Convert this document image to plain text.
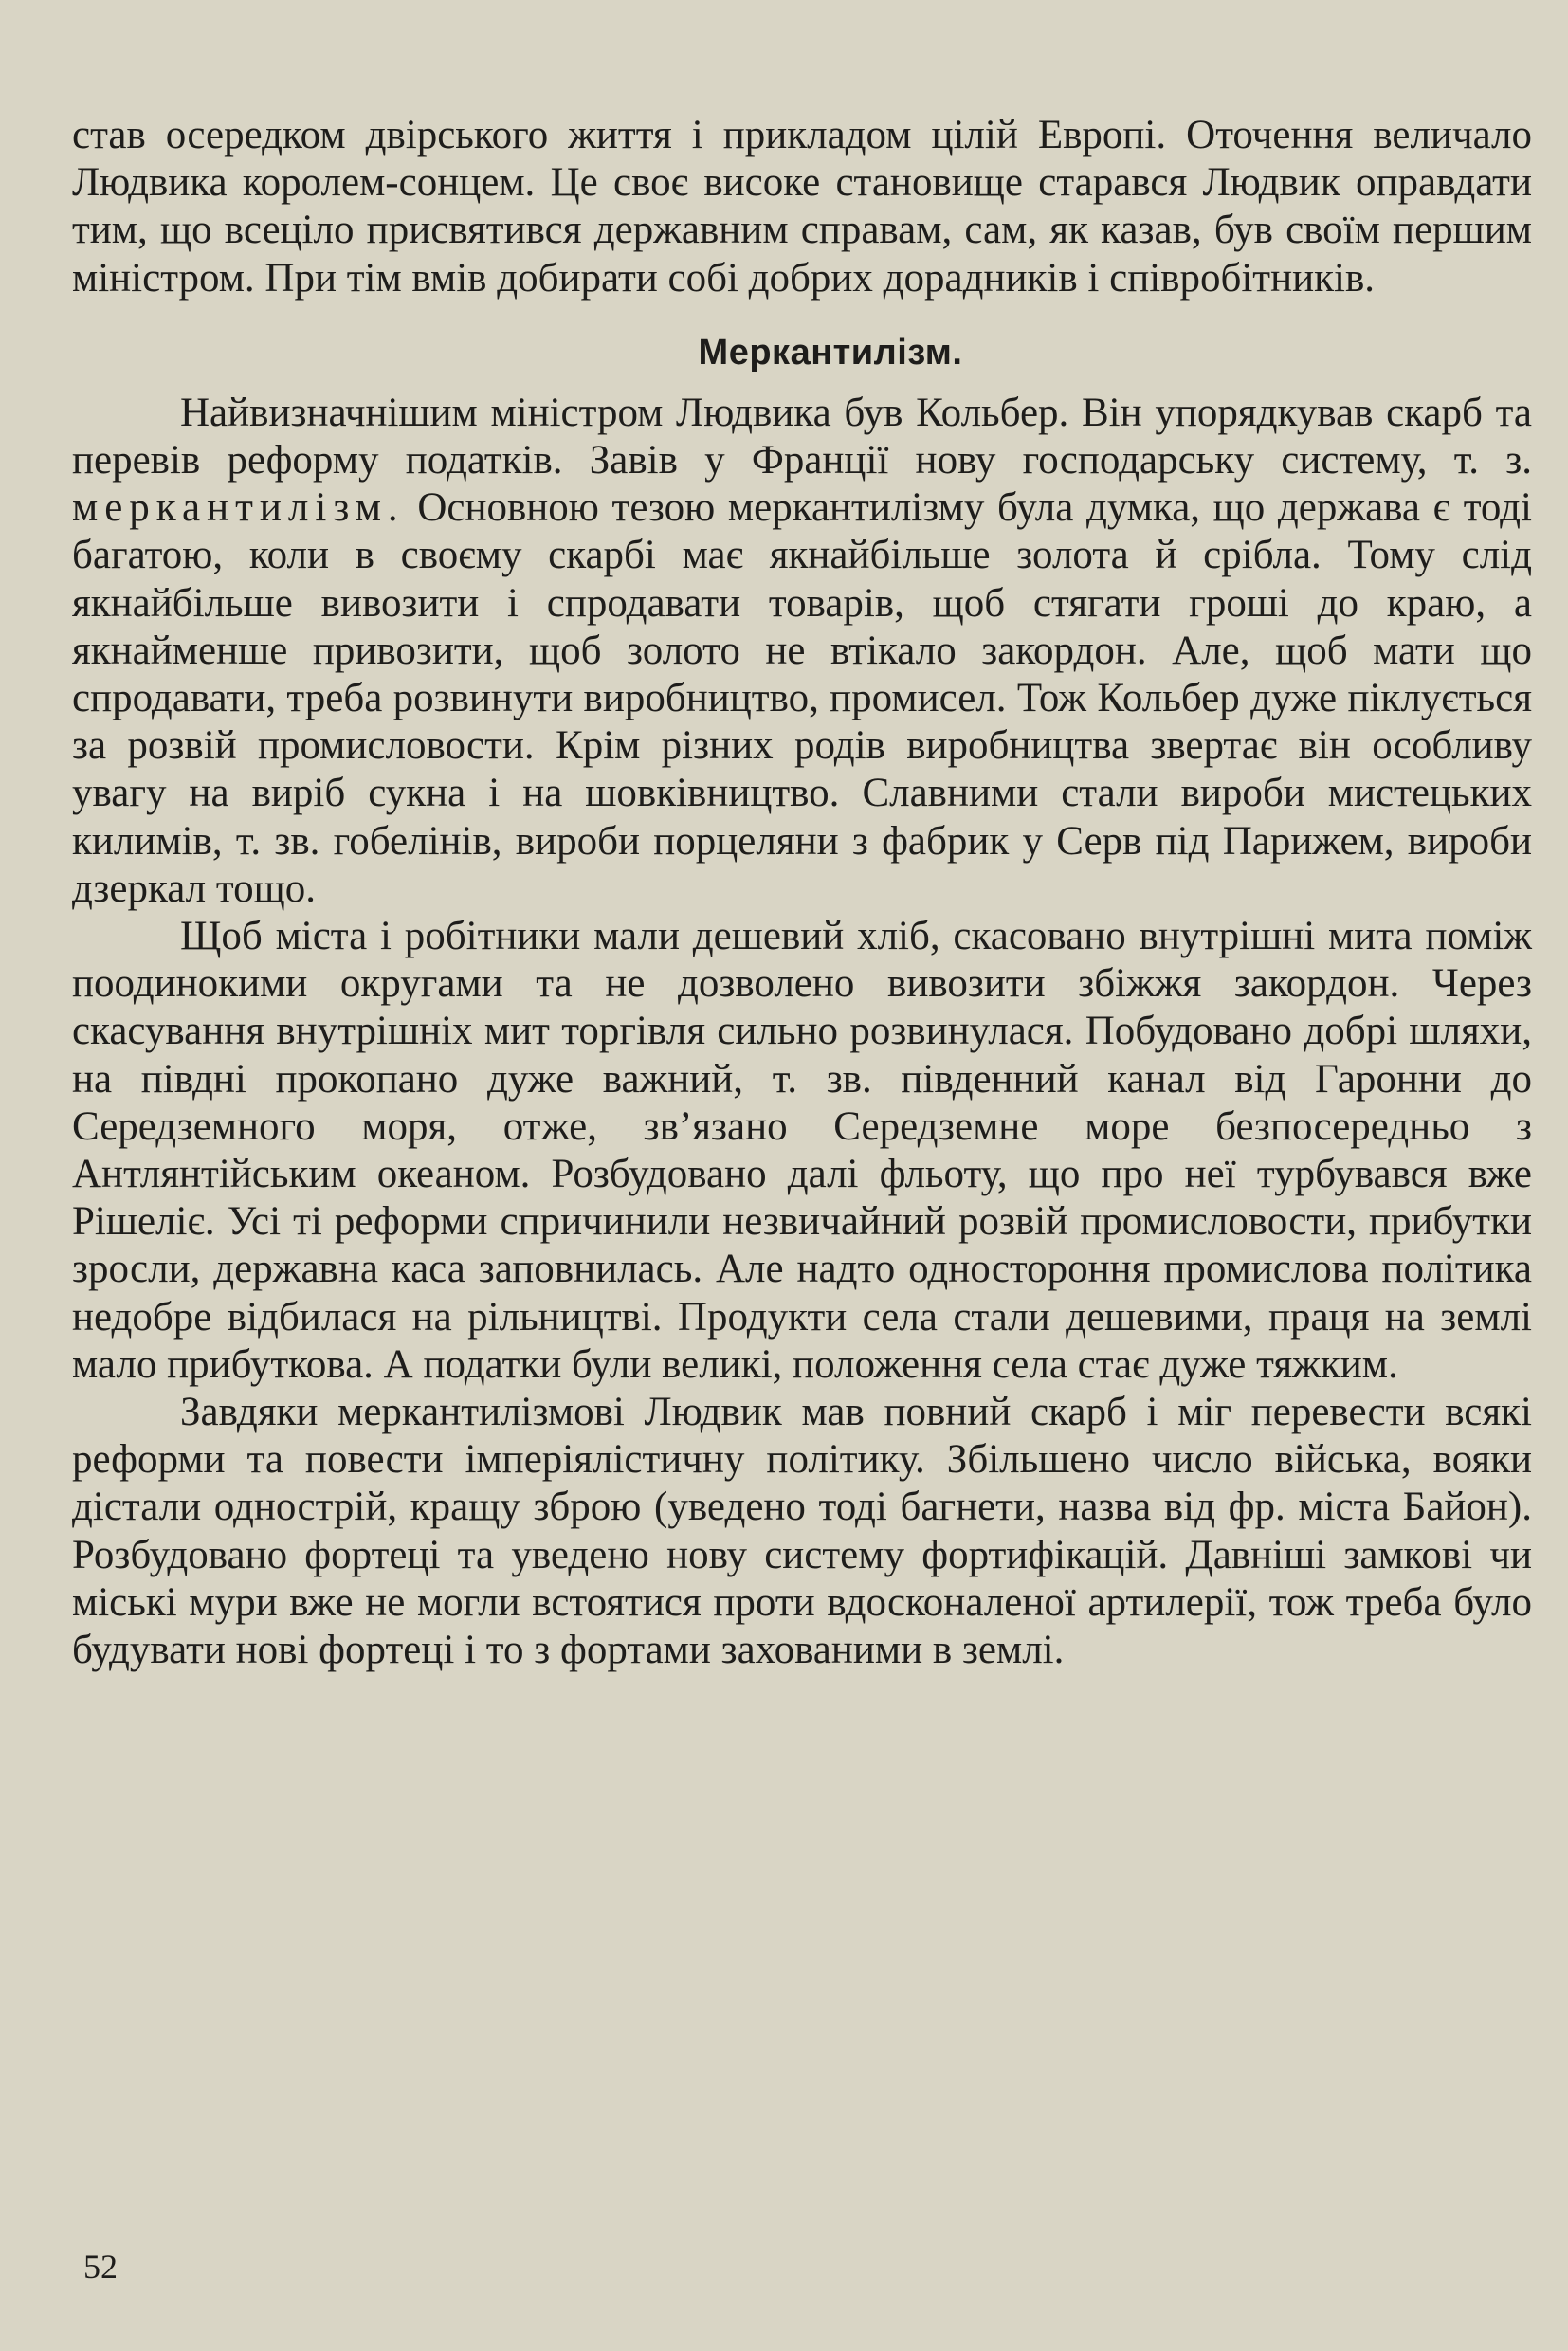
став осередком двірського життя і прикладом цілій Европі. Оточення величало Людвика королем-сонцем. Це своє високе становище старався Людвик оправдати тим, що всеціло присвятився державним справам, сам, як казав, був своїм першим міністром. При тім вмів добирати собі добрих дорадників і співробітників.

Меркантилізм.

Найвизначнішим міністром Людвика був Кольбер. Він упорядкував скарб та перевів реформу податків. Завів у Франції нову господарську систему, т. з. меркантилізм. Основною тезою меркантилізму була думка, що держава є тоді багатою, коли в своєму скарбі має якнайбільше золота й срібла. Тому слід якнайбільше вивозити і спродавати товарів, щоб стягати гроші до краю, а якнайменше привозити, щоб золото не втікало закордон. Але, щоб мати що спродавати, треба розвинути виробництво, промисел. Тож Кольбер дуже піклується за розвій промисловости. Крім різних родів виробництва звертає він особливу увагу на виріб сукна і на шовківництво. Славними стали вироби мистецьких килимів, т. зв. гобелінів, вироби порцеляни з фабрик у Серв під Парижем, вироби дзеркал тощо.

Щоб міста і робітники мали дешевий хліб, скасовано внутрішні мита поміж поодинокими округами та не дозволено вивозити збіжжя закордон. Через скасування внутрішніх мит торгівля сильно розвинулася. Побудовано добрі шляхи, на півдні прокопано дуже важний, т. зв. південний канал від Гаронни до Середземного моря, отже, зв’язано Середземне море безпосередньо з Антлянтійським океаном. Розбудовано далі фльоту, що про неї турбувався вже Рішеліє. Усі ті реформи спричинили незвичайний розвій промисловости, прибутки зросли, державна каса заповнилась. Але надто одностороння промислова політика недобре відбилася на рільництві. Продукти села стали дешевими, праця на землі мало прибуткова. А податки були великі, положення села стає дуже тяжким.

Завдяки меркантилізмові Людвик мав повний скарб і міг перевести всякі реформи та повести імперіялістичну політику. Збільшено число війська, вояки дістали однострій, кращу зброю (уведено тоді багнети, назва від фр. міста Байон). Розбудовано фортеці та уведено нову систему фортифікацій. Давніші замкові чи міські мури вже не могли встоятися проти вдосконаленої артилерії, тож треба було будувати нові фортеці і то з фортами захованими в землі.

52
